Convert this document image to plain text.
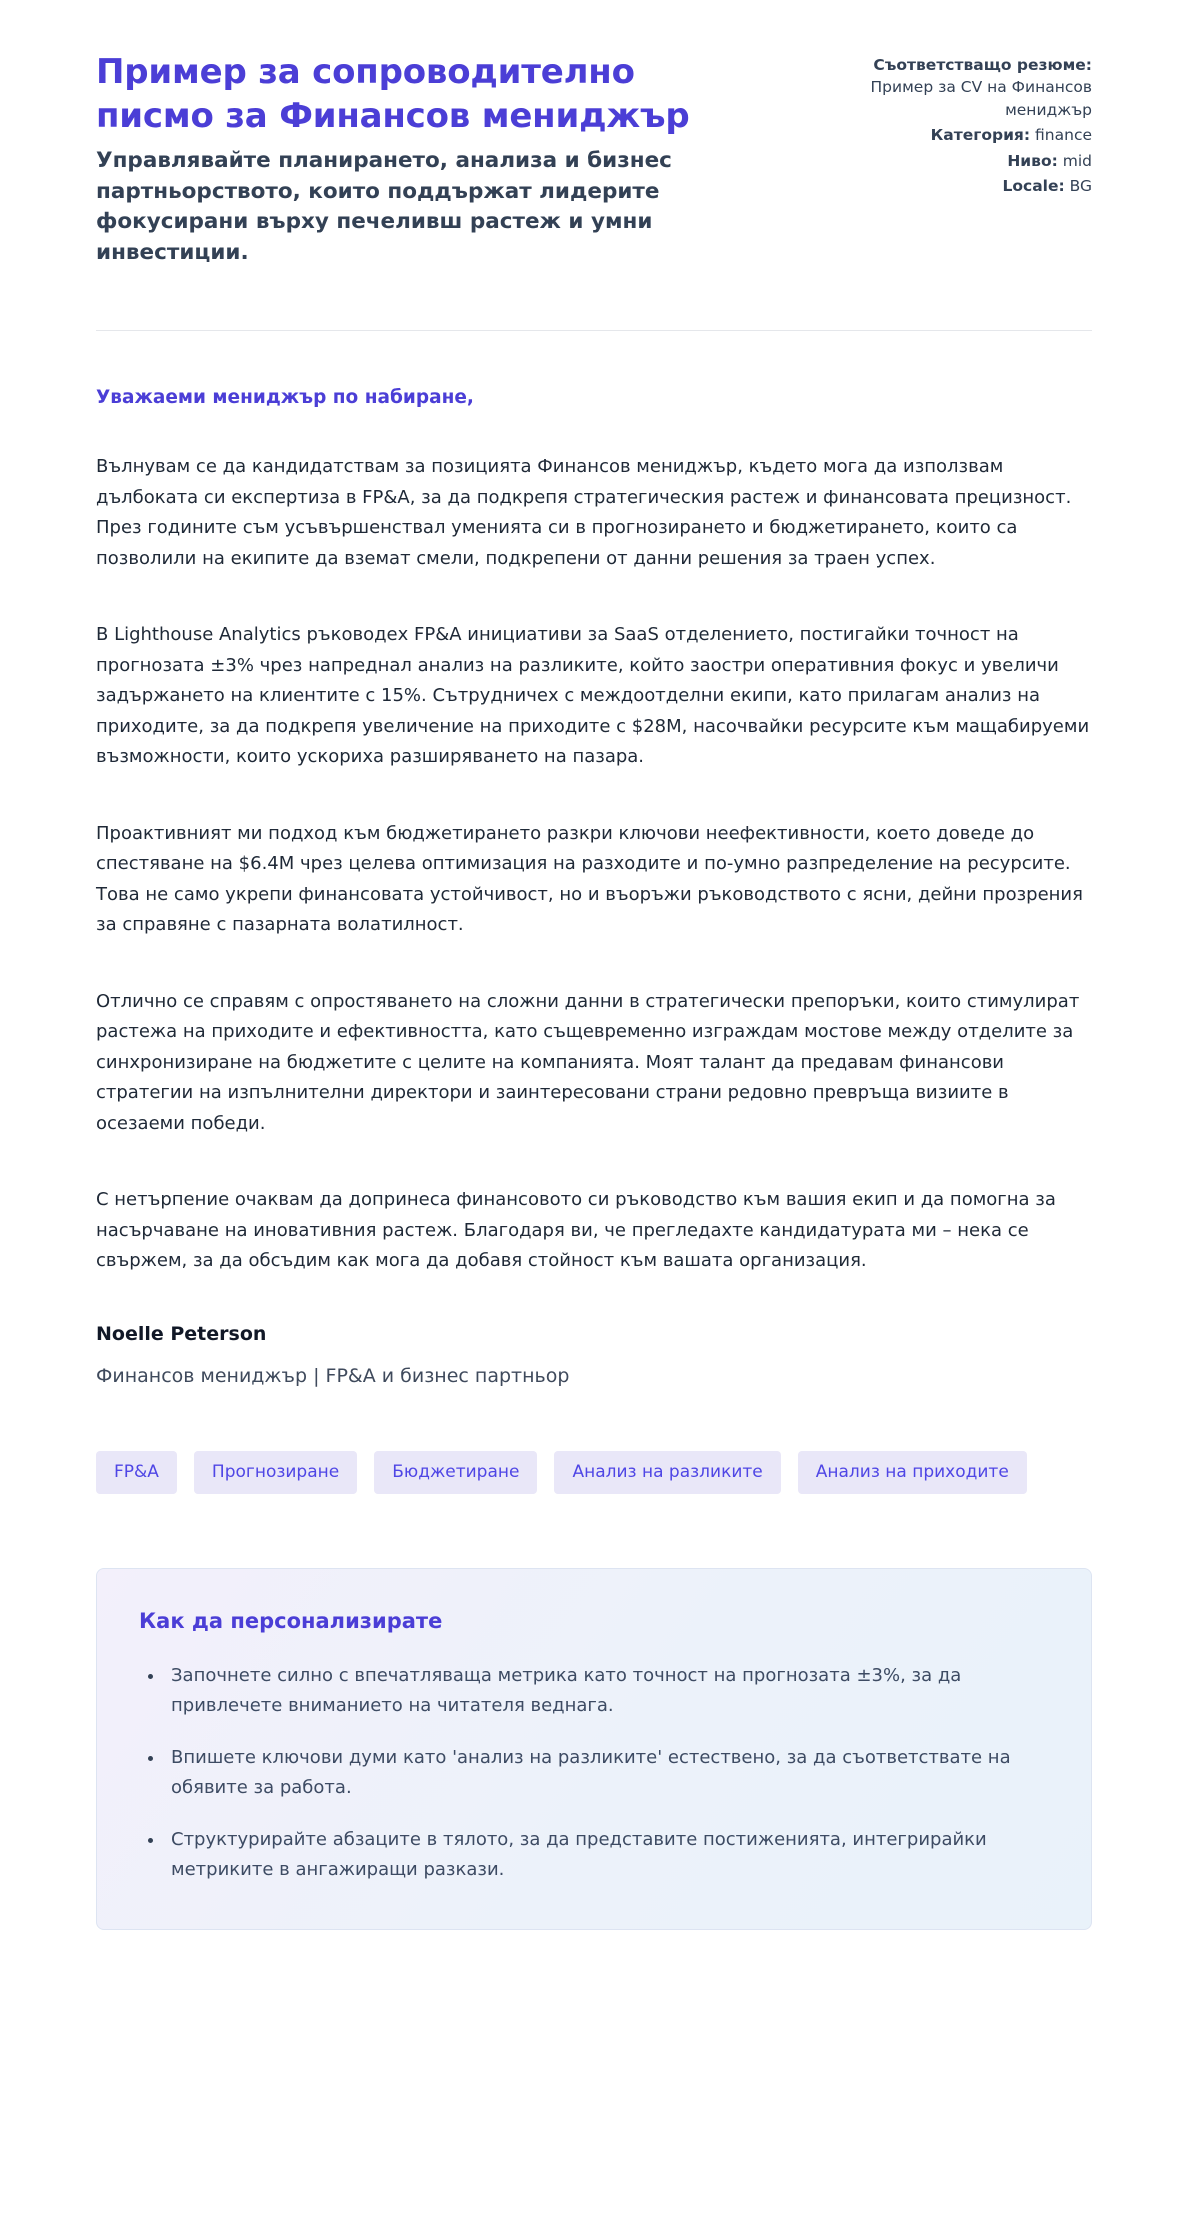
Пример за сопроводително писмо за Финансов мениджър

Управлявайте планирането, анализа и бизнес партньорството, които поддържат лидерите фокусирани върху печеливш растеж и умни инвестиции.

Съответстващо резюме: Пример за CV на Финансов мениджър
Категория: finance
Ниво: mid
Locale: BG

Уважаеми мениджър по набиране,

Вълнувам се да кандидатствам за позицията Финансов мениджър, където мога да използвам дълбоката си експертиза в FP&A, за да подкрепя стратегическия растеж и финансовата прецизност. През годините съм усъвършенствал уменията си в прогнозирането и бюджетирането, които са позволили на екипите да вземат смели, подкрепени от данни решения за траен успех.

В Lighthouse Analytics ръководех FP&A инициативи за SaaS отделението, постигайки точност на прогнозата ±3% чрез напреднал анализ на разликите, който заостри оперативния фокус и увеличи задържането на клиентите с 15%. Сътрудничех с междоотделни екипи, като прилагам анализ на приходите, за да подкрепя увеличение на приходите с $28M, насочвайки ресурсите към мащабируеми възможности, които ускориха разширяването на пазара.

Проактивният ми подход към бюджетирането разкри ключови неефективности, което доведе до спестяване на $6.4M чрез целева оптимизация на разходите и по-умно разпределение на ресурсите. Това не само укрепи финансовата устойчивост, но и въоръжи ръководството с ясни, дейни прозрения за справяне с пазарната волатилност.

Отлично се справям с опростяването на сложни данни в стратегически препоръки, които стимулират растежа на приходите и ефективността, като същевременно изграждам мостове между отделите за синхронизиране на бюджетите с целите на компанията. Моят талант да предавам финансови стратегии на изпълнителни директори и заинтересовани страни редовно превръща визиите в осезаеми победи.

С нетърпение очаквам да допринеса финансовото си ръководство към вашия екип и да помогна за насърчаване на иновативния растеж. Благодаря ви, че прегледахте кандидатурата ми – нека се свържем, за да обсъдим как мога да добавя стойност към вашата организация.

Noelle Peterson

Финансов мениджър | FP&A и бизнес партньор

FP&A	Прогнозиране	Бюджетиране	Анализ на разликите	Анализ на приходите
Как да персонализирате
• Започнете силно с впечатляваща метрика като точност на прогнозата ±3%, за да привлечете вниманието на читателя веднага.
• Впишете ключови думи като 'анализ на разликите' естествено, за да съответствате на обявите за работа.
• Структурирайте абзаците в тялото, за да представите постиженията, интегрирайки метриките в ангажиращи разкази.
